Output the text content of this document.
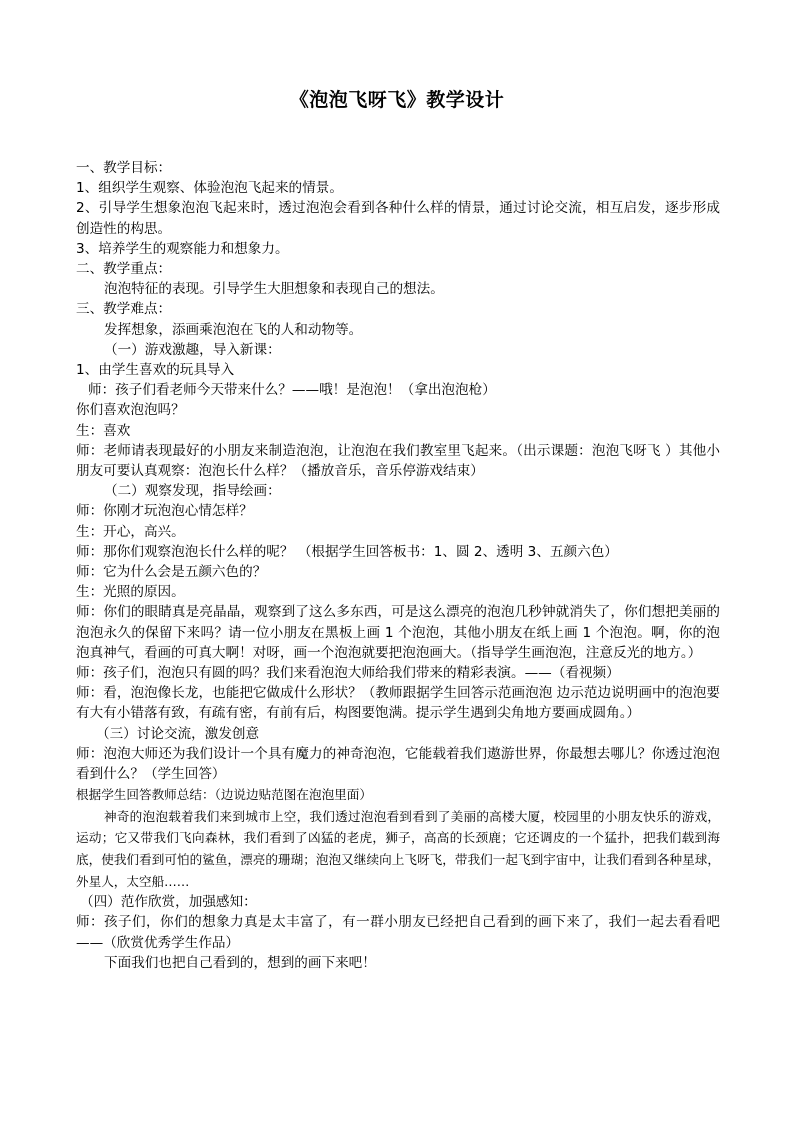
《泡泡飞呀飞》教学设计

一、教学目标：

1、组织学生观察、体验泡泡飞起来的情景。

2、引导学生想象泡泡飞起来时，透过泡泡会看到各种什么样的情景，通过讨论交流，相互启发，逐步形成创造性的构思。

3、培养学生的观察能力和想象力。

二、教学重点：

泡泡特征的表现。引导学生大胆想象和表现自己的想法。

三、教学难点：

发挥想象，添画乘泡泡在飞的人和动物等。

（一）游戏激趣，导入新课：

1、由学生喜欢的玩具导入

师：孩子们看老师今天带来什么？——哦！是泡泡！（拿出泡泡枪）

你们喜欢泡泡吗？

生：喜欢

师：老师请表现最好的小朋友来制造泡泡，让泡泡在我们教室里飞起来。（出示课题：泡泡飞呀飞 ）其他小朋友可要认真观察：泡泡长什么样？（播放音乐，音乐停游戏结束）

（二）观察发现，指导绘画：

师：你刚才玩泡泡心情怎样？

生：开心，高兴。

师：那你们观察泡泡长什么样的呢？ （根据学生回答板书：1、圆 2、透明 3、五颜六色）

师：它为什么会是五颜六色的？

生：光照的原因。

师：你们的眼睛真是亮晶晶，观察到了这么多东西，可是这么漂亮的泡泡几秒钟就消失了，你们想把美丽的泡泡永久的保留下来吗？请一位小朋友在黑板上画 1 个泡泡，其他小朋友在纸上画 1 个泡泡。啊，你的泡泡真神气，看画的可真大啊！对呀，画一个泡泡就要把泡泡画大。（指导学生画泡泡，注意反光的地方。）

师：孩子们，泡泡只有圆的吗？我们来看泡泡大师给我们带来的精彩表演。——（看视频）

师：看，泡泡像长龙，也能把它做成什么形状？（教师跟据学生回答示范画泡泡 边示范边说明画中的泡泡要有大有小错落有致，有疏有密，有前有后，构图要饱满。提示学生遇到尖角地方要画成圆角。）

（三）讨论交流，激发创意

师：泡泡大师还为我们设计一个具有魔力的神奇泡泡，它能载着我们遨游世界，你最想去哪儿？你透过泡泡看到什么？（学生回答）

根据学生回答教师总结：（边说边贴范图在泡泡里面）

神奇的泡泡载着我们来到城市上空，我们透过泡泡看到看到了美丽的高楼大厦，校园里的小朋友快乐的游戏，运动；它又带我们飞向森林，我们看到了凶猛的老虎，狮子，高高的长颈鹿；它还调皮的一个猛扑，把我们载到海底，使我们看到可怕的鲨鱼，漂亮的珊瑚；泡泡又继续向上飞呀飞，带我们一起飞到宇宙中，让我们看到各种星球，外星人，太空船……

（四）范作欣赏，加强感知：

师：孩子们，你们的想象力真是太丰富了，有一群小朋友已经把自己看到的画下来了，我们一起去看看吧——（欣赏优秀学生作品）

下面我们也把自己看到的，想到的画下来吧！
